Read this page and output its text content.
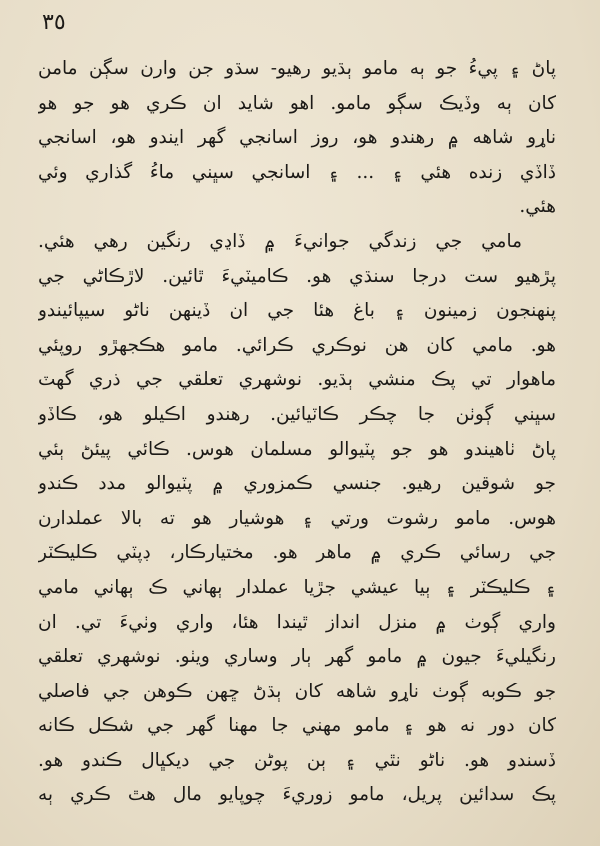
٣٥
پاڻ ۽ پيءُ جو ٻه مامو ٻڌيو رهيو- سڌو جن وارن سڳن مامن
کان ٻه وڏيڪ سڳو مامو. اهو شايد ان ڪري هو جو هو
ناړو شاهه ۾ رهندو هو، روز اسانجي گهر ايندو هو، اسانجي
ڏاڏي زنده هئي ۽ ... ۽ اسانجي سڀني ماءُ گذاري وئي
هئي.
مامي جي زندگي جوانيءَ ۾ ڏاڍي رنگين رهي هئي.
پڙهيو ست درجا سنڌي هو. ڪاميٽيءَ ٿائين. لاڙڪاڻي جي
پنهنجون زمينون ۽ باغ هئا جي ان ڏينهن ناڻو سيپائيندو
هو. مامي کان هن نوڪري ڪرائي. مامو هڪجهڙو روپئي
ماهوار تي پڪ منشي ٻڌيو. نوشهري تعلقي جي ذري گهٽ
سڀني ڳوٺن جا چڪر ڪاٽيائين. رهندو اڪيلو هو، ڪاڏو
پاڻ ٺاهيندو هو جو پٽيوالو مسلمان هوس. ڪائي پيئڻ ٻئي
جو شوقين رهيو. جنسي ڪمزوري ۾ پٽيوالو مدد ڪندو
هوس. مامو رشوت ورتي ۽ هوشيار هو ته بالا عملدارن
جي رسائي ڪري ۾ ماهر هو. مختيارڪار، ڊپٽي ڪليڪٽر
۽ ڪليڪٽر ۽ ٻيا عيشي جڙيا عملدار ٻهاني ڪ ٻهاني مامي
واري ڳوٺ ۾ منزل انداز ٿيندا هئا، واري وٺيءَ تي. ان
رنگيليءَ جيون ۾ مامو گهر ٻار وساري ويٺو. نوشهري تعلقي
جو ڪوبه ڳوٺ ناړو شاهه کان ٻڌڻ ڇهن ڪوهن جي فاصلي
کان دور نه هو ۽ مامو مهني جا مهنا گهر جي شڪل ڪانه
ڏسندو هو. ناڻو نٿي ۽ ٻن پوڻن جي ديکڀال ڪندو هو.
پڪ سدائين پريل، مامو زوريءَ چوپايو مال هٿ ڪري ٻه
